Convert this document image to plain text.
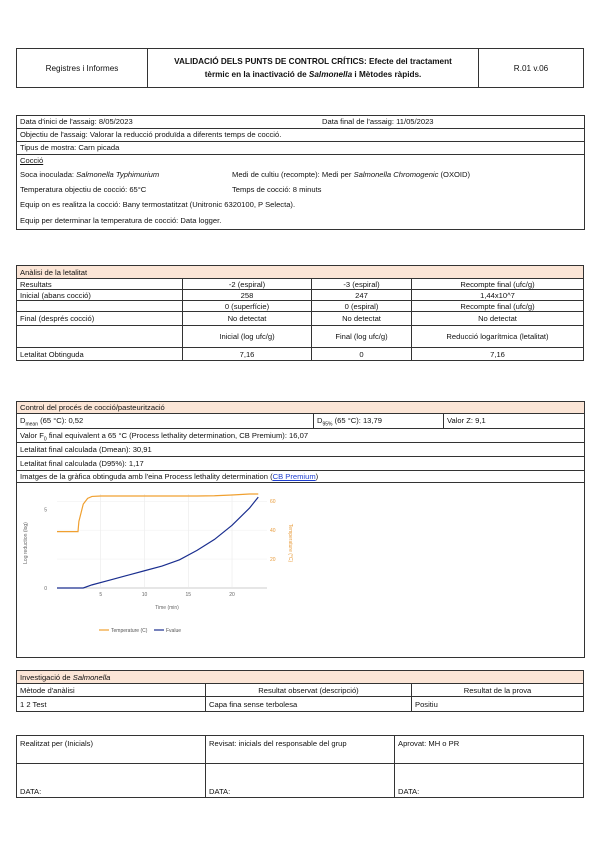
Registres i Informes	VALIDACIÓ DELS PUNTS DE CONTROL CRÍTICS: Efecte del tractament
tèrmic en la inactivació de Salmonella i Mètodes ràpids.	R.01 v.06
Data d'inici de l'assaig: 8/05/2023	Data final de l'assaig: 11/05/2023
Objectiu de l'assaig: Valorar la reducció produïda a diferents temps de cocció.
Tipus de mostra: Carn picada
Cocció
Soca inoculada: Salmonella Typhimurium	Medi de cultiu (recompte): Medi per Salmonella Chromogenic (OXOID)
Temperatura objectiu de cocció: 65°C	Temps de cocció: 8 minuts
Equip on es realitza la cocció: Bany termostatitzat (Unitronic 6320100, P Selecta).
Equip per determinar la temperatura de cocció: Data logger.
Anàlisi de la letalitat			
Resultats	-2 (espiral)	-3 (espiral)	Recompte final (ufc/g)
Inicial (abans cocció)	258	247	1,44x10^7
	0 (superfície)	0 (espiral)	Recompte final (ufc/g)
Final (després cocció)	No detectat	No detectat	No detectat
	Inicial (log ufc/g)	Final (log ufc/g)	Reducció logarítmica (letalitat)
Letalitat Obtinguda	7,16	0	7,16
Control del procés de cocció/pasteurització
$D_{mean}$ (65 °C): 0,52	$D_{95\%}$ (65 °C): 13,79	Valor Z: 9,1
Valor $F_0$ final equivalent a 65 °C (Process lethality determination, CB Premium): 16,07
Letalitat final calculada (Dmean): 30,91
Letalitat final calculada (D95%): 1,17
Imatges de la gràfica obtinguda amb l'eina Process lethality determination (CB Premium)
5	10	15	20
0
5
20
40
60
Log reduction (log)	Temperature (°C)
Time (min)
Temperature (C)	Fvalue
Investigació de Salmonella		
Mètode d'anàlisi	Resultat observat (descripció)	Resultat de la prova
1 2 Test	Capa fina sense terbolesa	Positiu
Realitzat per (Inicials)	Revisat: inicials del responsable del grup	Aprovat: MH o PR
DATA:	DATA:	DATA:
